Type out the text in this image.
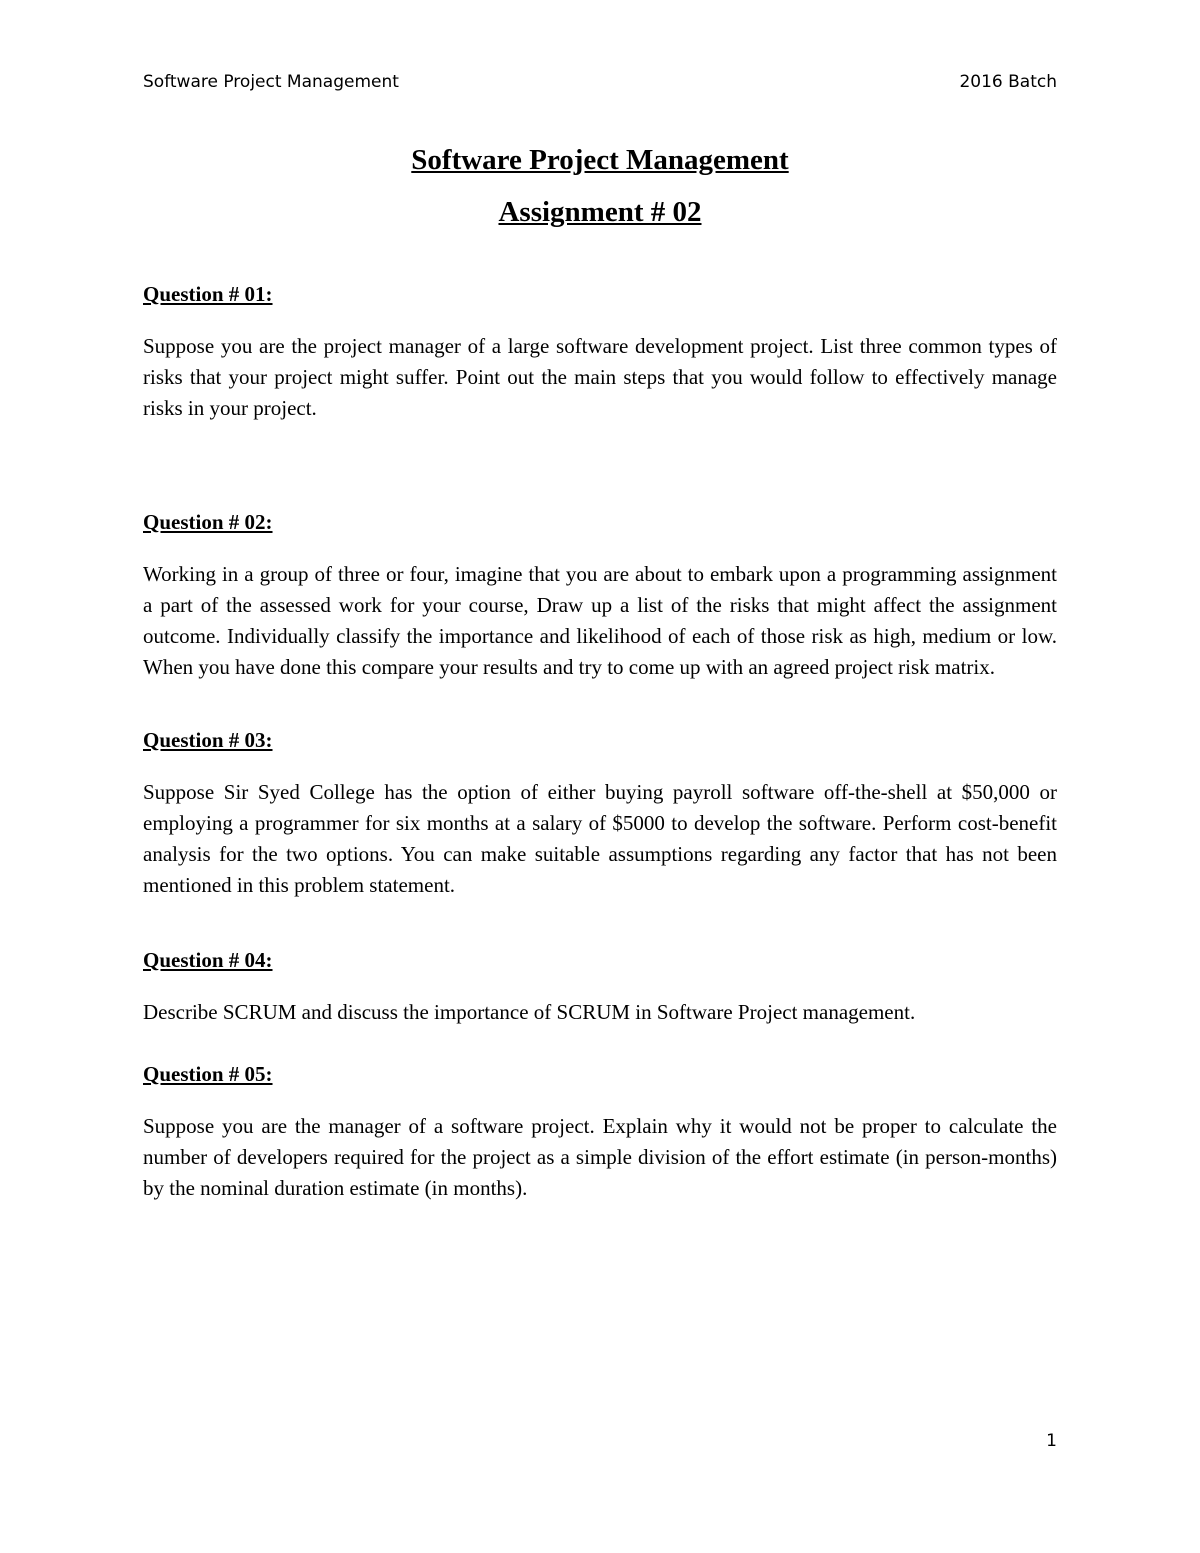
Software Project Management	2016 Batch
Software Project Management
Assignment # 02

Question # 01:

Suppose you are the project manager of a large software development project. List three common types of risks that your project might suffer. Point out the main steps that you would follow to effectively manage risks in your project.

Question # 02:

Working in a group of three or four, imagine that you are about to embark upon a programming assignment a part of the assessed work for your course, Draw up a list of the risks that might affect the assignment outcome. Individually classify the importance and likelihood of each of those risk as high, medium or low. When you have done this compare your results and try to come up with an agreed project risk matrix.

Question # 03:

Suppose Sir Syed College has the option of either buying payroll software off-the-shell at $50,000 or employing a programmer for six months at a salary of $5000 to develop the software. Perform cost-benefit analysis for the two options. You can make suitable assumptions regarding any factor that has not been mentioned in this problem statement.

Question # 04:

Describe SCRUM and discuss the importance of SCRUM in Software Project management.

Question # 05:

Suppose you are the manager of a software project. Explain why it would not be proper to calculate the number of developers required for the project as a simple division of the effort estimate (in person-months) by the nominal duration estimate (in months).

1
